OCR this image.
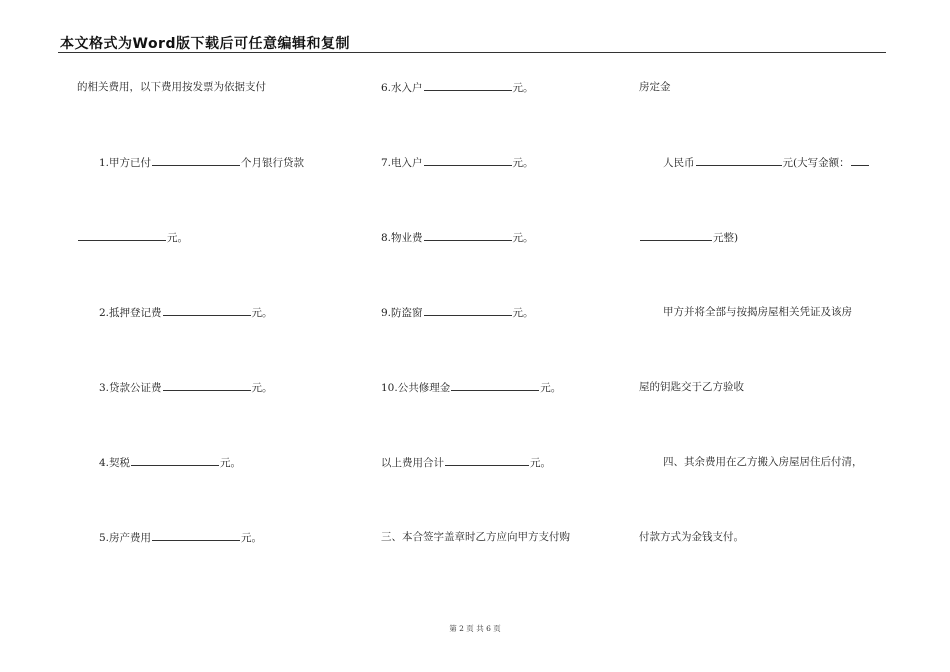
本文格式为Word版下载后可任意编辑和复制
的相关费用，以下费用按发票为依据支付
1.甲方已付	个月银行贷款
元。
2.抵押登记费	元。
3.贷款公证费	元。
4.契税	元。
5.房产费用	元。
6.水入户	元。
7.电入户	元。
8.物业费	元。
9.防盗窗	元。
10.公共修理金	元。
以上费用合计	元。
三、本合签字盖章时乙方应向甲方支付购
房定金
人民币	元(大写金额：
元整)
甲方并将全部与按揭房屋相关凭证及该房
屋的钥匙交于乙方验收
四、其余费用在乙方搬入房屋居住后付清，
付款方式为金钱支付。
第 2 页 共 6 页
